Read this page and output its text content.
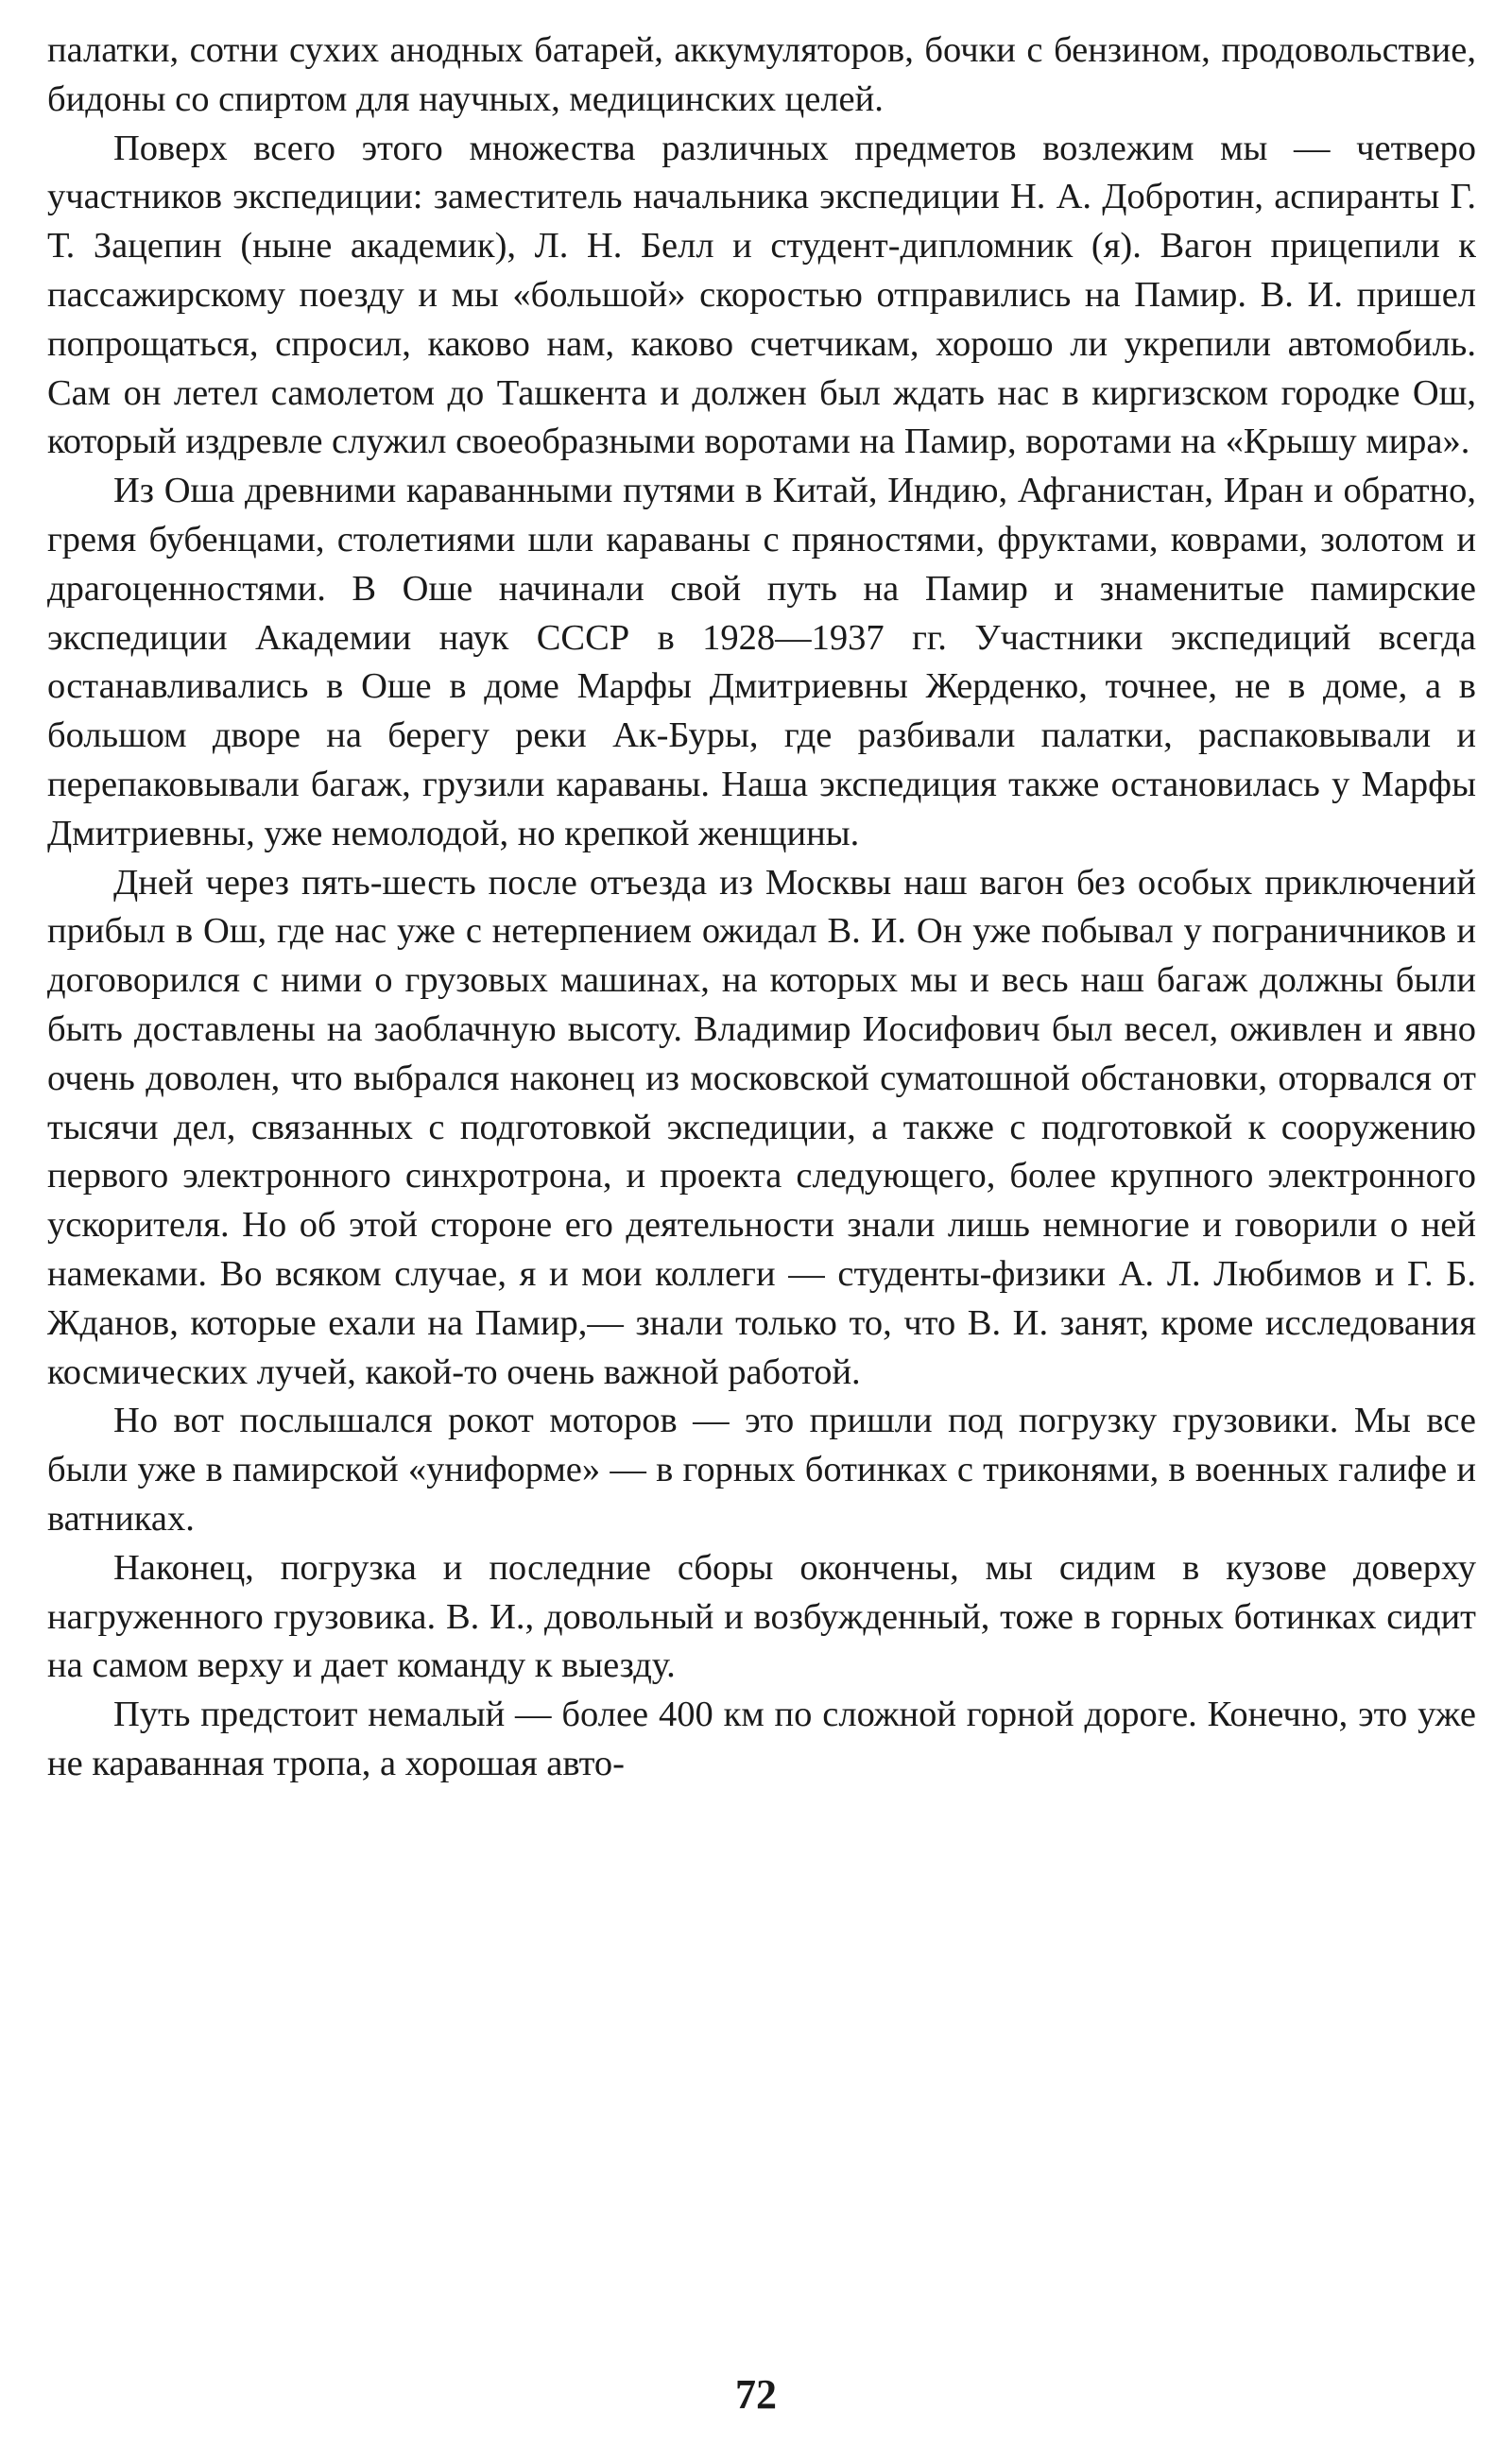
палатки, сотни сухих анодных батарей, аккумуляторов, бочки с бензином, продовольствие, бидоны со спиртом для научных, медицинских целей.

Поверх всего этого множества различных предметов возлежим мы — четверо участников экспедиции: заместитель начальника экспедиции Н. А. Добротин, аспиранты Г. Т. Зацепин (ныне академик), Л. Н. Белл и студент-дипломник (я). Вагон прицепили к пассажирскому поезду и мы «большой» скоростью отправились на Памир. В. И. пришел попрощаться, спросил, каково нам, каково счетчикам, хорошо ли укрепили автомобиль. Сам он летел самолетом до Ташкента и должен был ждать нас в киргизском городке Ош, который издревле служил своеобразными воротами на Памир, воротами на «Крышу мира».

Из Оша древними караванными путями в Китай, Индию, Афганистан, Иран и обратно, гремя бубенцами, столетиями шли караваны с пряностями, фруктами, коврами, золотом и драгоценностями. В Оше начинали свой путь на Памир и знаменитые памирские экспедиции Академии наук СССР в 1928—1937 гг. Участники экспедиций всегда останавливались в Оше в доме Марфы Дмитриевны Жерденко, точнее, не в доме, а в большом дворе на берегу реки Ак-Буры, где разбивали палатки, распаковывали и перепаковывали багаж, грузили караваны. Наша экспедиция также остановилась у Марфы Дмитриевны, уже немолодой, но крепкой женщины.

Дней через пять-шесть после отъезда из Москвы наш вагон без особых приключений прибыл в Ош, где нас уже с нетерпением ожидал В. И. Он уже побывал у пограничников и договорился с ними о грузовых машинах, на которых мы и весь наш багаж должны были быть доставлены на заоблачную высоту. Владимир Иосифович был весел, оживлен и явно очень доволен, что выбрался наконец из московской суматошной обстановки, оторвался от тысячи дел, связанных с подготовкой экспедиции, а также с подготовкой к сооружению первого электронного синхротрона, и проекта следующего, более крупного электронного ускорителя. Но об этой стороне его деятельности знали лишь немногие и говорили о ней намеками. Во всяком случае, я и мои коллеги — студенты-физики А. Л. Любимов и Г. Б. Жданов, которые ехали на Памир,— знали только то, что В. И. занят, кроме исследования космических лучей, какой-то очень важной работой.

Но вот послышался рокот моторов — это пришли под погрузку грузовики. Мы все были уже в памирской «униформе» — в горных ботинках с триконями, в военных галифе и ватниках.

Наконец, погрузка и последние сборы окончены, мы сидим в кузове доверху нагруженного грузовика. В. И., довольный и возбужденный, тоже в горных ботинках сидит на самом верху и дает команду к выезду.

Путь предстоит немалый — более 400 км по сложной горной дороге. Конечно, это уже не караванная тропа, а хорошая авто-

72
